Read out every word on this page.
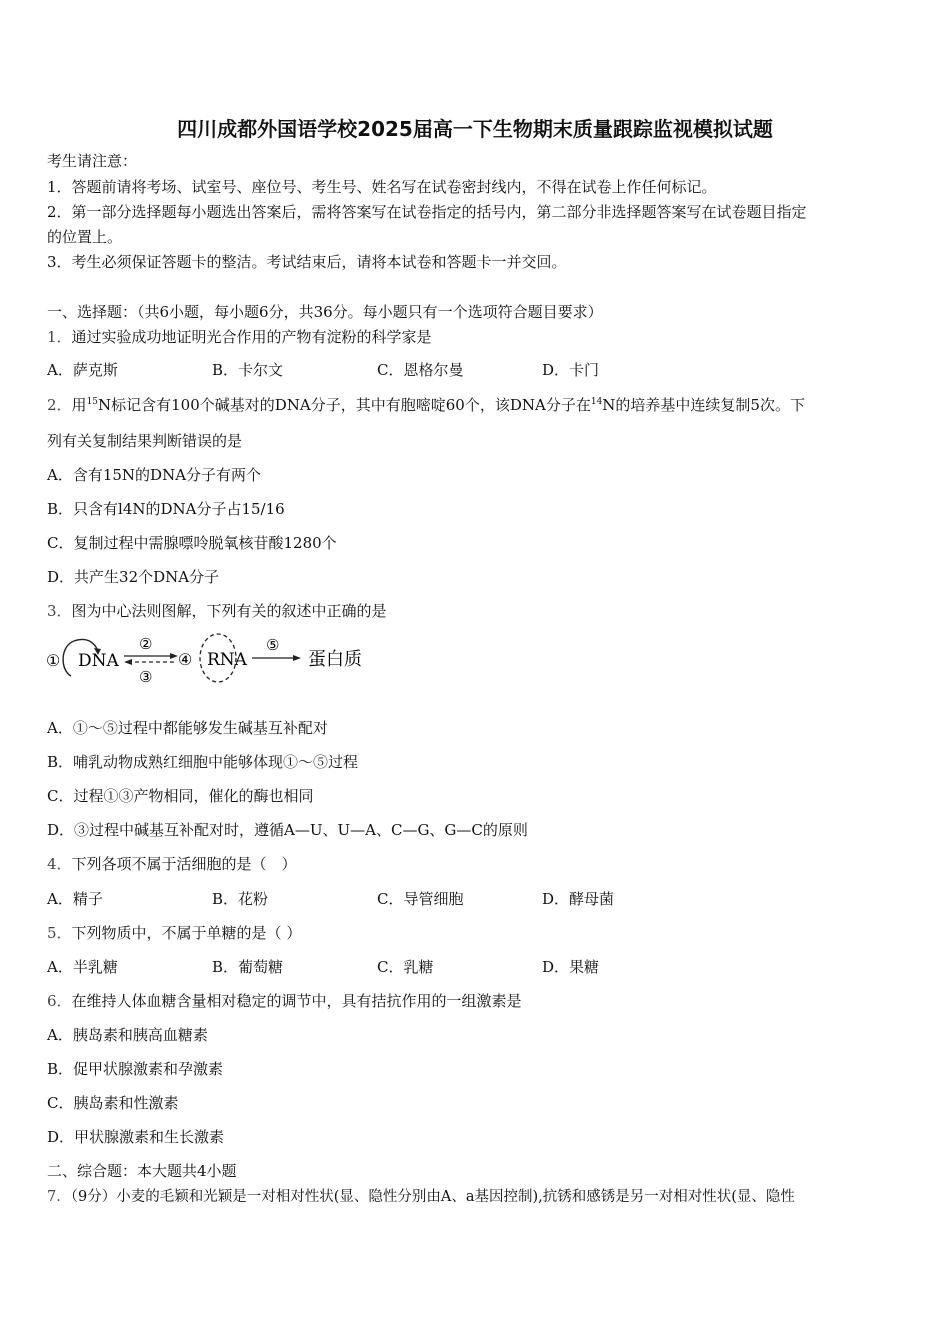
四川成都外国语学校2025届高一下生物期末质量跟踪监视模拟试题
考生请注意：
1．答题前请将考场、试室号、座位号、考生号、姓名写在试卷密封线内，不得在试卷上作任何标记。
2．第一部分选择题每小题选出答案后，需将答案写在试卷指定的括号内，第二部分非选择题答案写在试卷题目指定
的位置上。
3．考生必须保证答题卡的整洁。考试结束后，请将本试卷和答题卡一并交回。
一、选择题：（共6小题，每小题6分，共36分。每小题只有一个选项符合题目要求）
1．通过实验成功地证明光合作用的产物有淀粉的科学家是
A．萨克斯	B．卡尔文	C．恩格尔曼	D．卡门
2．用$^{15}$N标记含有100个碱基对的DNA分子，其中有胞嘧啶60个，该DNA分子在$^{14}$N的培养基中连续复制5次。下
列有关复制结果判断错误的是
A．含有15N的DNA分子有两个
B．只含有l4N的DNA分子占15/16
C．复制过程中需腺嘌呤脱氧核苷酸1280个
D．共产生32个DNA分子
3．图为中心法则图解，下列有关的叙述中正确的是
① DNA
②
③
④ RNA
⑤
蛋白质
A．①～⑤过程中都能够发生碱基互补配对
B．哺乳动物成熟红细胞中能够体现①～⑤过程
C．过程①③产物相同，催化的酶也相同
D．③过程中碱基互补配对时，遵循A—U、U—A、C—G、G—C的原则
4．下列各项不属于活细胞的是（　）
A．精子	B．花粉	C．导管细胞	D．酵母菌
5．下列物质中，不属于单糖的是（ ）
A．半乳糖	B．葡萄糖	C．乳糖	D．果糖
6．在维持人体血糖含量相对稳定的调节中，具有拮抗作用的一组激素是
A．胰岛素和胰高血糖素
B．促甲状腺激素和孕激素
C．胰岛素和性激素
D．甲状腺激素和生长激素
二、综合题：本大题共4小题
7．（9分）小麦的毛颖和光颖是一对相对性状(显、隐性分别由A、a基因控制),抗锈和感锈是另一对相对性状(显、隐性
